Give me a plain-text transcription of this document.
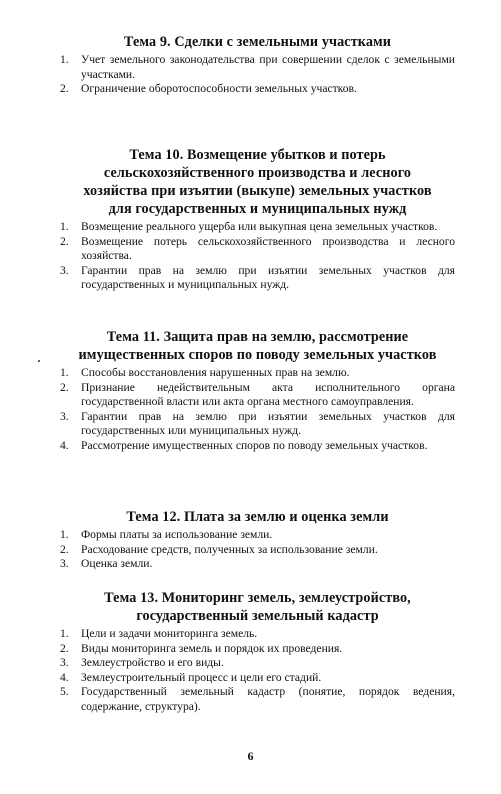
Тема 9. Сделки с земельными участками
1. Учет земельного законодательства при совершении сделок с земельными участками.
2. Ограничение оборотоспособности земельных участков.
Тема 10. Возмещение убытков и потерь
сельскохозяйственного производства и лесного
хозяйства при изъятии (выкупе) земельных участков
для государственных и муниципальных нужд
1. Возмещение реального ущерба или выкупная цена земельных участков.
2. Возмещение потерь сельскохозяйственного производства и лесного хозяйства.
3. Гарантии прав на землю при изъятии земельных участков для государственных и муниципальных нужд.
Тема 11. Защита прав на землю, рассмотрение
имущественных споров по поводу земельных участков
1. Способы восстановления нарушенных прав на землю.
2. Признание недействительным акта исполнительного органа государственной власти или акта органа местного самоуправления.
3. Гарантии прав на землю при изъятии земельных участков для государственных или муниципальных нужд.
4. Рассмотрение имущественных споров по поводу земельных участков.
Тема 12. Плата за землю и оценка земли
1. Формы платы за использование земли.
2. Расходование средств, полученных за использование земли.
3. Оценка земли.
Тема 13. Мониторинг земель, землеустройство,
государственный земельный кадастр
1. Цели и задачи мониторинга земель.
2. Виды мониторинга земель и порядок их проведения.
3. Землеустройство и его виды.
4. Землеустроительный процесс и цели его стадий.
5. Государственный земельный кадастр (понятие, порядок ведения, содержание, структура).
6
